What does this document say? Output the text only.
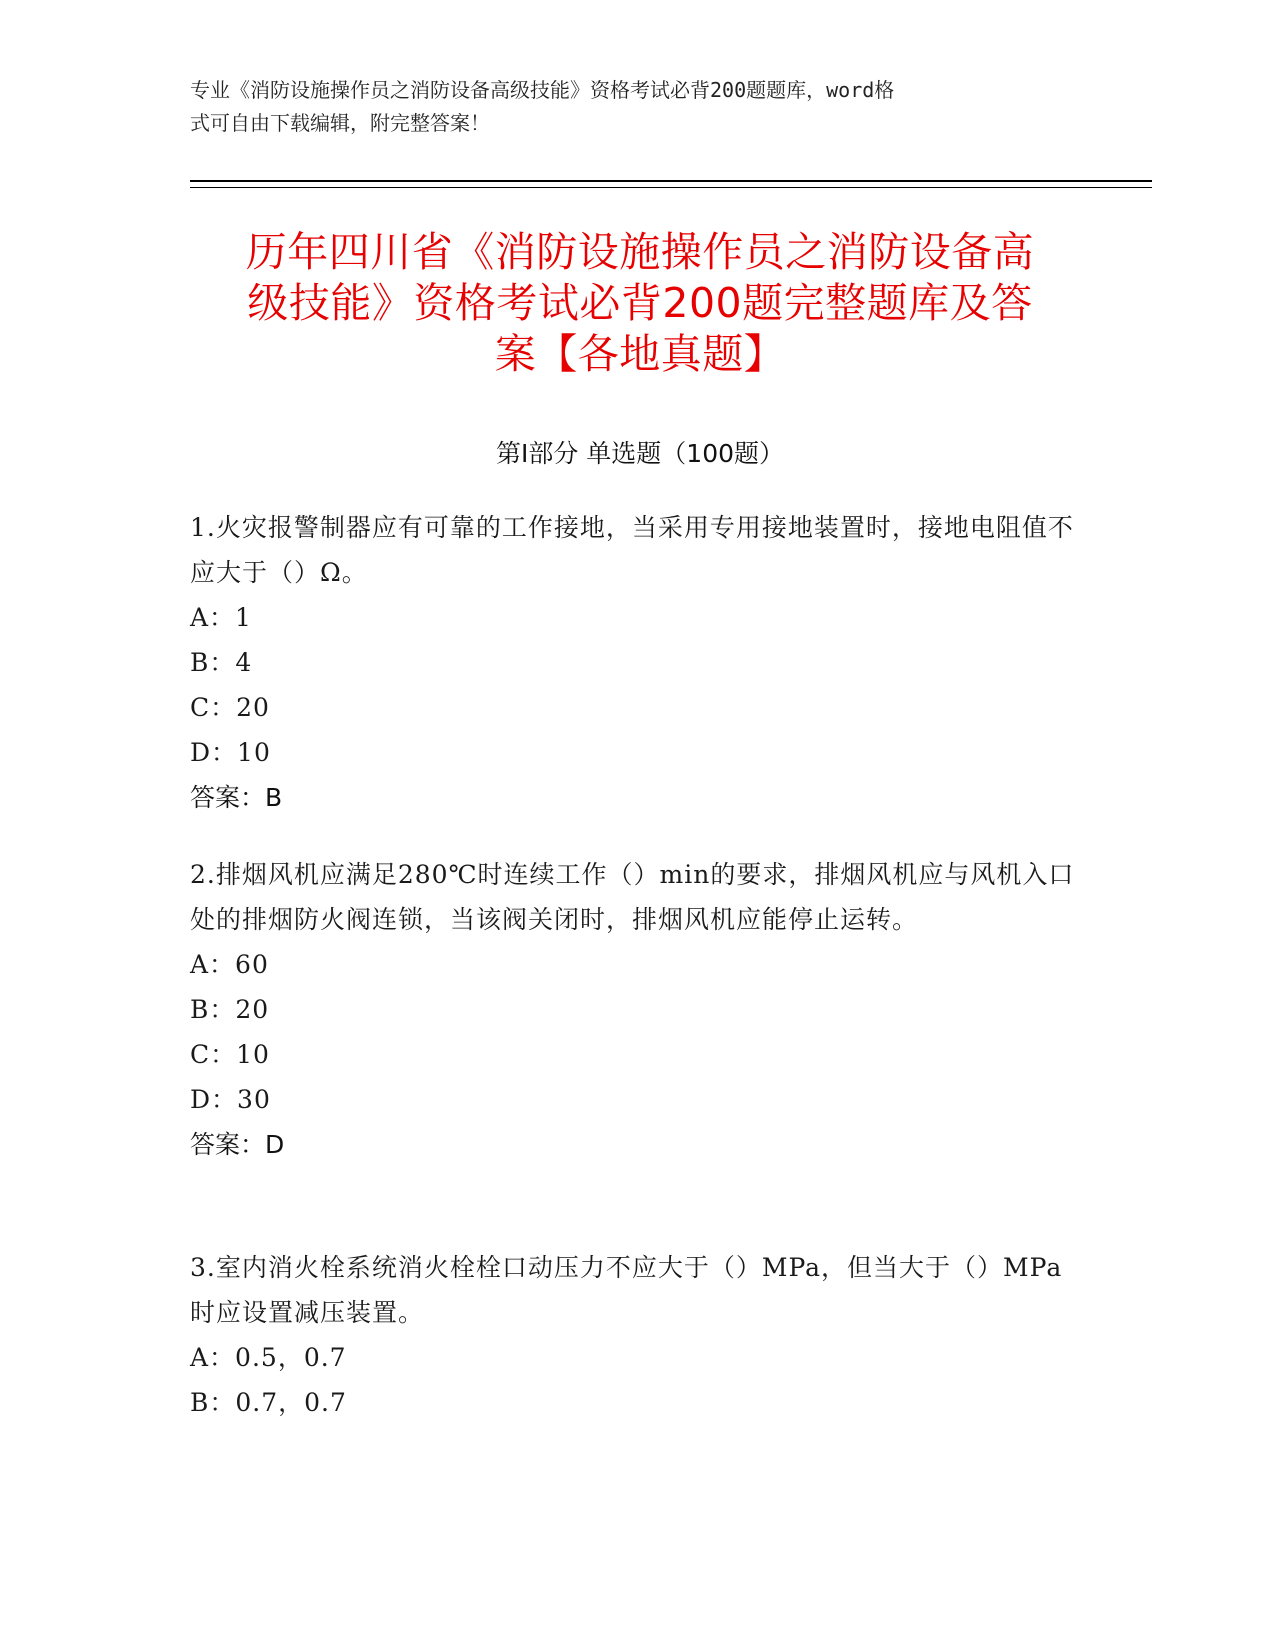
专业《消防设施操作员之消防设备高级技能》资格考试必背200题题库，word格
式可自由下载编辑，附完整答案！
历年四川省《消防设施操作员之消防设备高
级技能》资格考试必背200题完整题库及答
案【各地真题】
第Ⅰ部分 单选题（100题）

1.火灾报警制器应有可靠的工作接地，当采用专用接地装置时，接地电阻值不应大于（）Ω。

A：1

B：4

C：20

D：10

答案：B

2.排烟风机应满足280℃时连续工作（）min的要求，排烟风机应与风机入口处的排烟防火阀连锁，当该阀关闭时，排烟风机应能停止运转。

A：60

B：20

C：10

D：30

答案：D

3.室内消火栓系统消火栓栓口动压力不应大于（）MPa，但当大于（）MPa时应设置减压装置。

A：0.5，0.7

B：0.7，0.7
